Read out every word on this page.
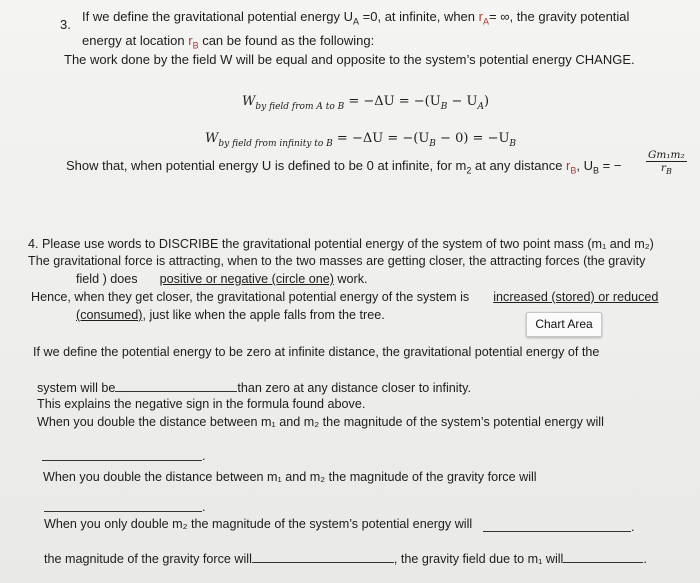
3.
If we define the gravitational potential energy $U_A =0$, at infinite, when $r_A=$ ∞, the gravity potential
energy at location $r_B$ can be found as the following:
The work done by the field W will be equal and opposite to the system’s potential energy CHANGE.
$W_{by field from A to B} = -\Delta U = -(U_B - U_A)$
$W_{by field from infinity to B} = -\Delta U = -(U_B - 0) = -U_B$
Show that, when potential energy U is defined to be 0 at infinite, for $m_2$ at any distance $r_B$, $U_B$ = − $\frac{\text{Gm₁m₂}}{r_B}$
4. Please use words to DISCRIBE the gravitational potential energy of the system of two point mass (m₁ and m₂)
The gravitational force is attracting, when to the two masses are getting closer, the attracting forces (the gravity
field ) does positive or negative (circle one) work.
Hence, when they get closer, the gravitational potential energy of the system is increased (stored) or reduced
(consumed), just like when the apple falls from the tree.
Chart Area
If we define the potential energy to be zero at infinite distance, the gravitational potential energy of the
system will be	than zero at any distance closer to infinity.
This explains the negative sign in the formula found above.
When you double the distance between m₁ and m₂ the magnitude of the system’s potential energy will
.
When you double the distance between m₁ and m₂ the magnitude of the gravity force will
.
When you only double m₂ the magnitude of the system’s potential energy will	.
the magnitude of the gravity force will	, the gravity field due to m₁ will	.
